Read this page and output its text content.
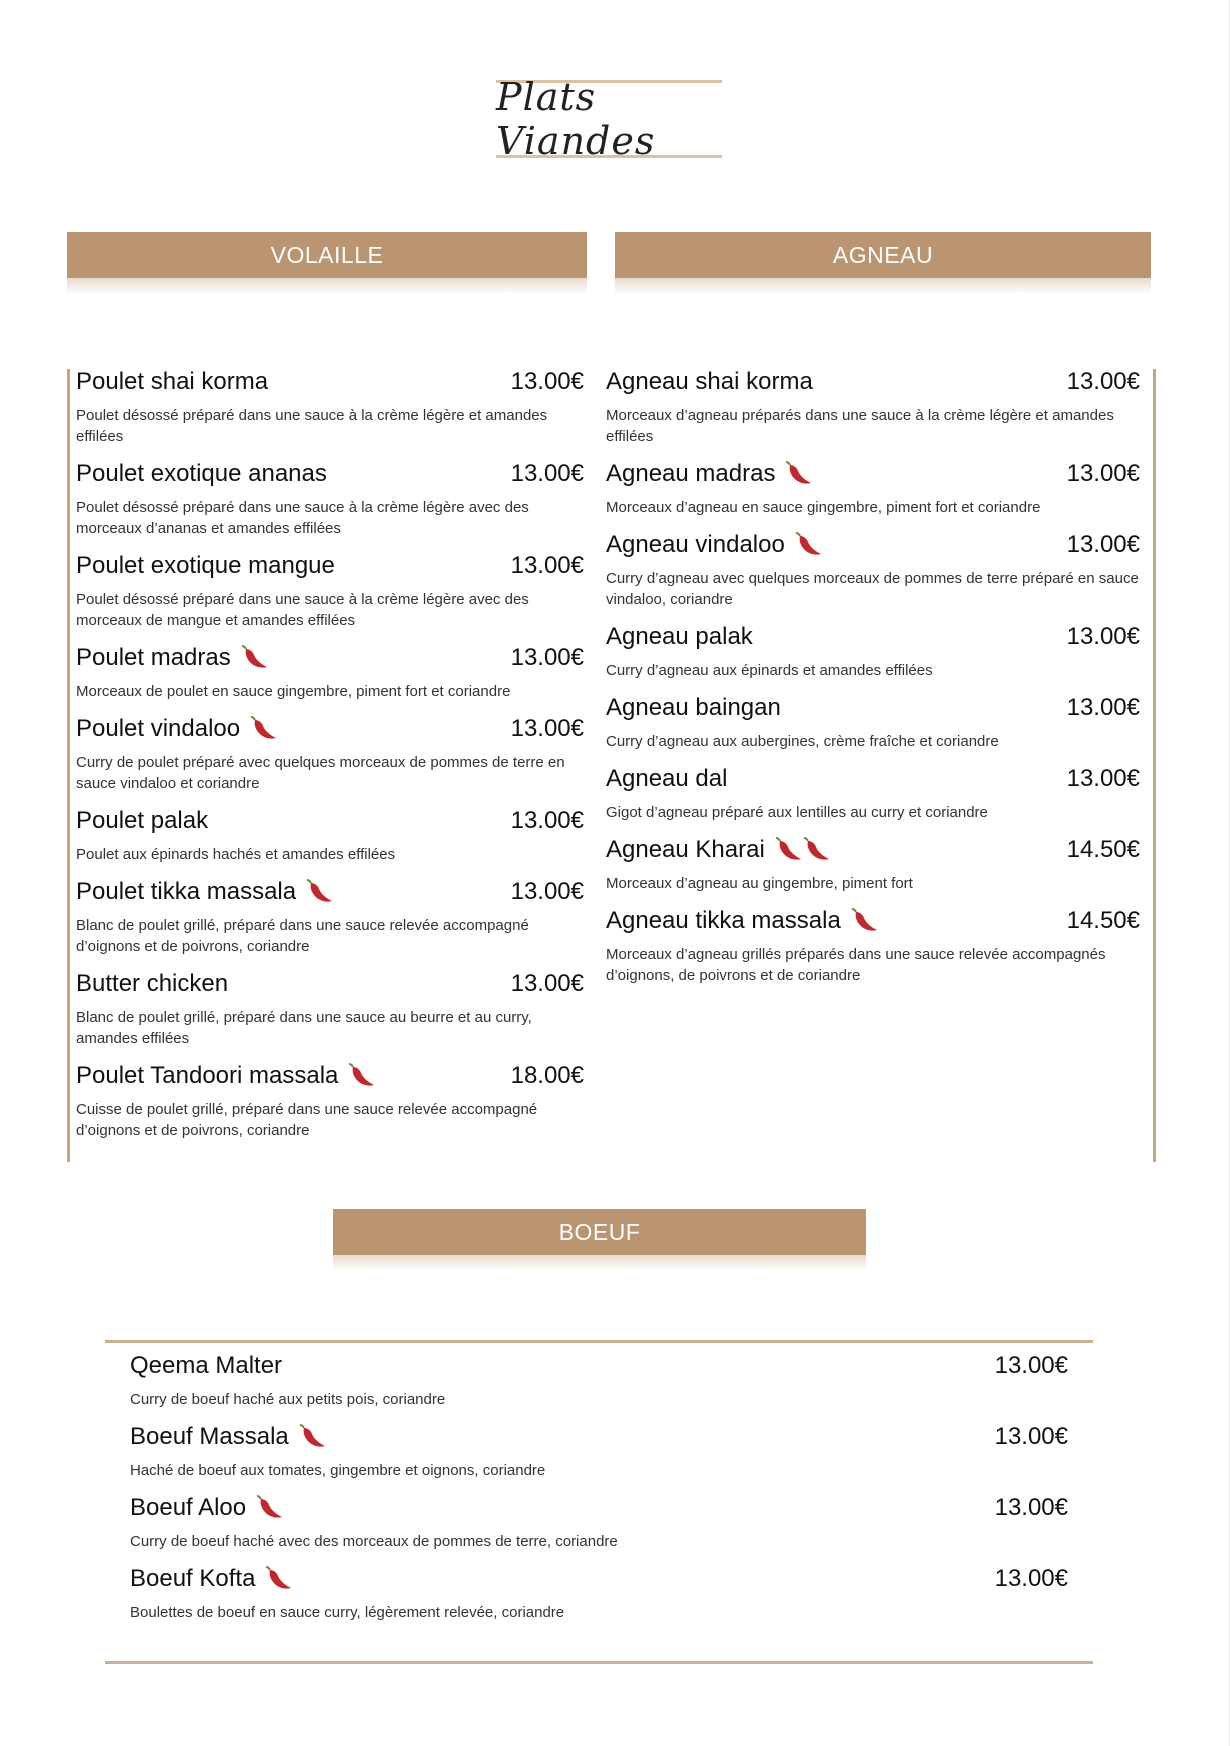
Plats Viandes
VOLAILLE	AGNEAU
BOEUF
Poulet shai korma	13.00€
Poulet désossé préparé dans une sauce à la crème légère et amandes effilées
Poulet exotique ananas	13.00€
Poulet désossé préparé dans une sauce à la crème légère avec des morceaux d’ananas et amandes effilées
Poulet exotique mangue	13.00€
Poulet désossé préparé dans une sauce à la crème légère avec des morceaux de mangue et amandes effilées
Poulet madras	13.00€
Morceaux de poulet en sauce gingembre, piment fort et coriandre
Poulet vindaloo	13.00€
Curry de poulet préparé avec quelques morceaux de pommes de terre en sauce vindaloo et coriandre
Poulet palak	13.00€
Poulet aux épinards hachés et amandes effilées
Poulet tikka massala	13.00€
Blanc de poulet grillé, préparé dans une sauce relevée accompagné d’oignons et de poivrons, coriandre
Butter chicken	13.00€
Blanc de poulet grillé, préparé dans une sauce au beurre et au curry, amandes effilées
Poulet Tandoori massala	18.00€
Cuisse de poulet grillé, préparé dans une sauce relevée accompagné d’oignons et de poivrons, coriandre
Agneau shai korma	13.00€
Morceaux d’agneau préparés dans une sauce à la crème légère et amandes effilées
Agneau madras	13.00€
Morceaux d’agneau en sauce gingembre, piment fort et coriandre
Agneau vindaloo	13.00€
Curry d’agneau avec quelques morceaux de pommes de terre préparé en sauce vindaloo, coriandre
Agneau palak	13.00€
Curry d’agneau aux épinards et amandes effilées
Agneau baingan	13.00€
Curry d’agneau aux aubergines, crème fraîche et coriandre
Agneau dal	13.00€
Gigot d’agneau préparé aux lentilles au curry et coriandre
Agneau Kharai	14.50€
Morceaux d’agneau au gingembre, piment fort
Agneau tikka massala	14.50€
Morceaux d’agneau grillés préparés dans une sauce relevée accompagnés d’oignons, de poivrons et de coriandre
Qeema Malter	13.00€
Curry de boeuf haché aux petits pois, coriandre
Boeuf Massala	13.00€
Haché de boeuf aux tomates, gingembre et oignons, coriandre
Boeuf Aloo	13.00€
Curry de boeuf haché avec des morceaux de pommes de terre, coriandre
Boeuf Kofta	13.00€
Boulettes de boeuf en sauce curry, légèrement relevée, coriandre
